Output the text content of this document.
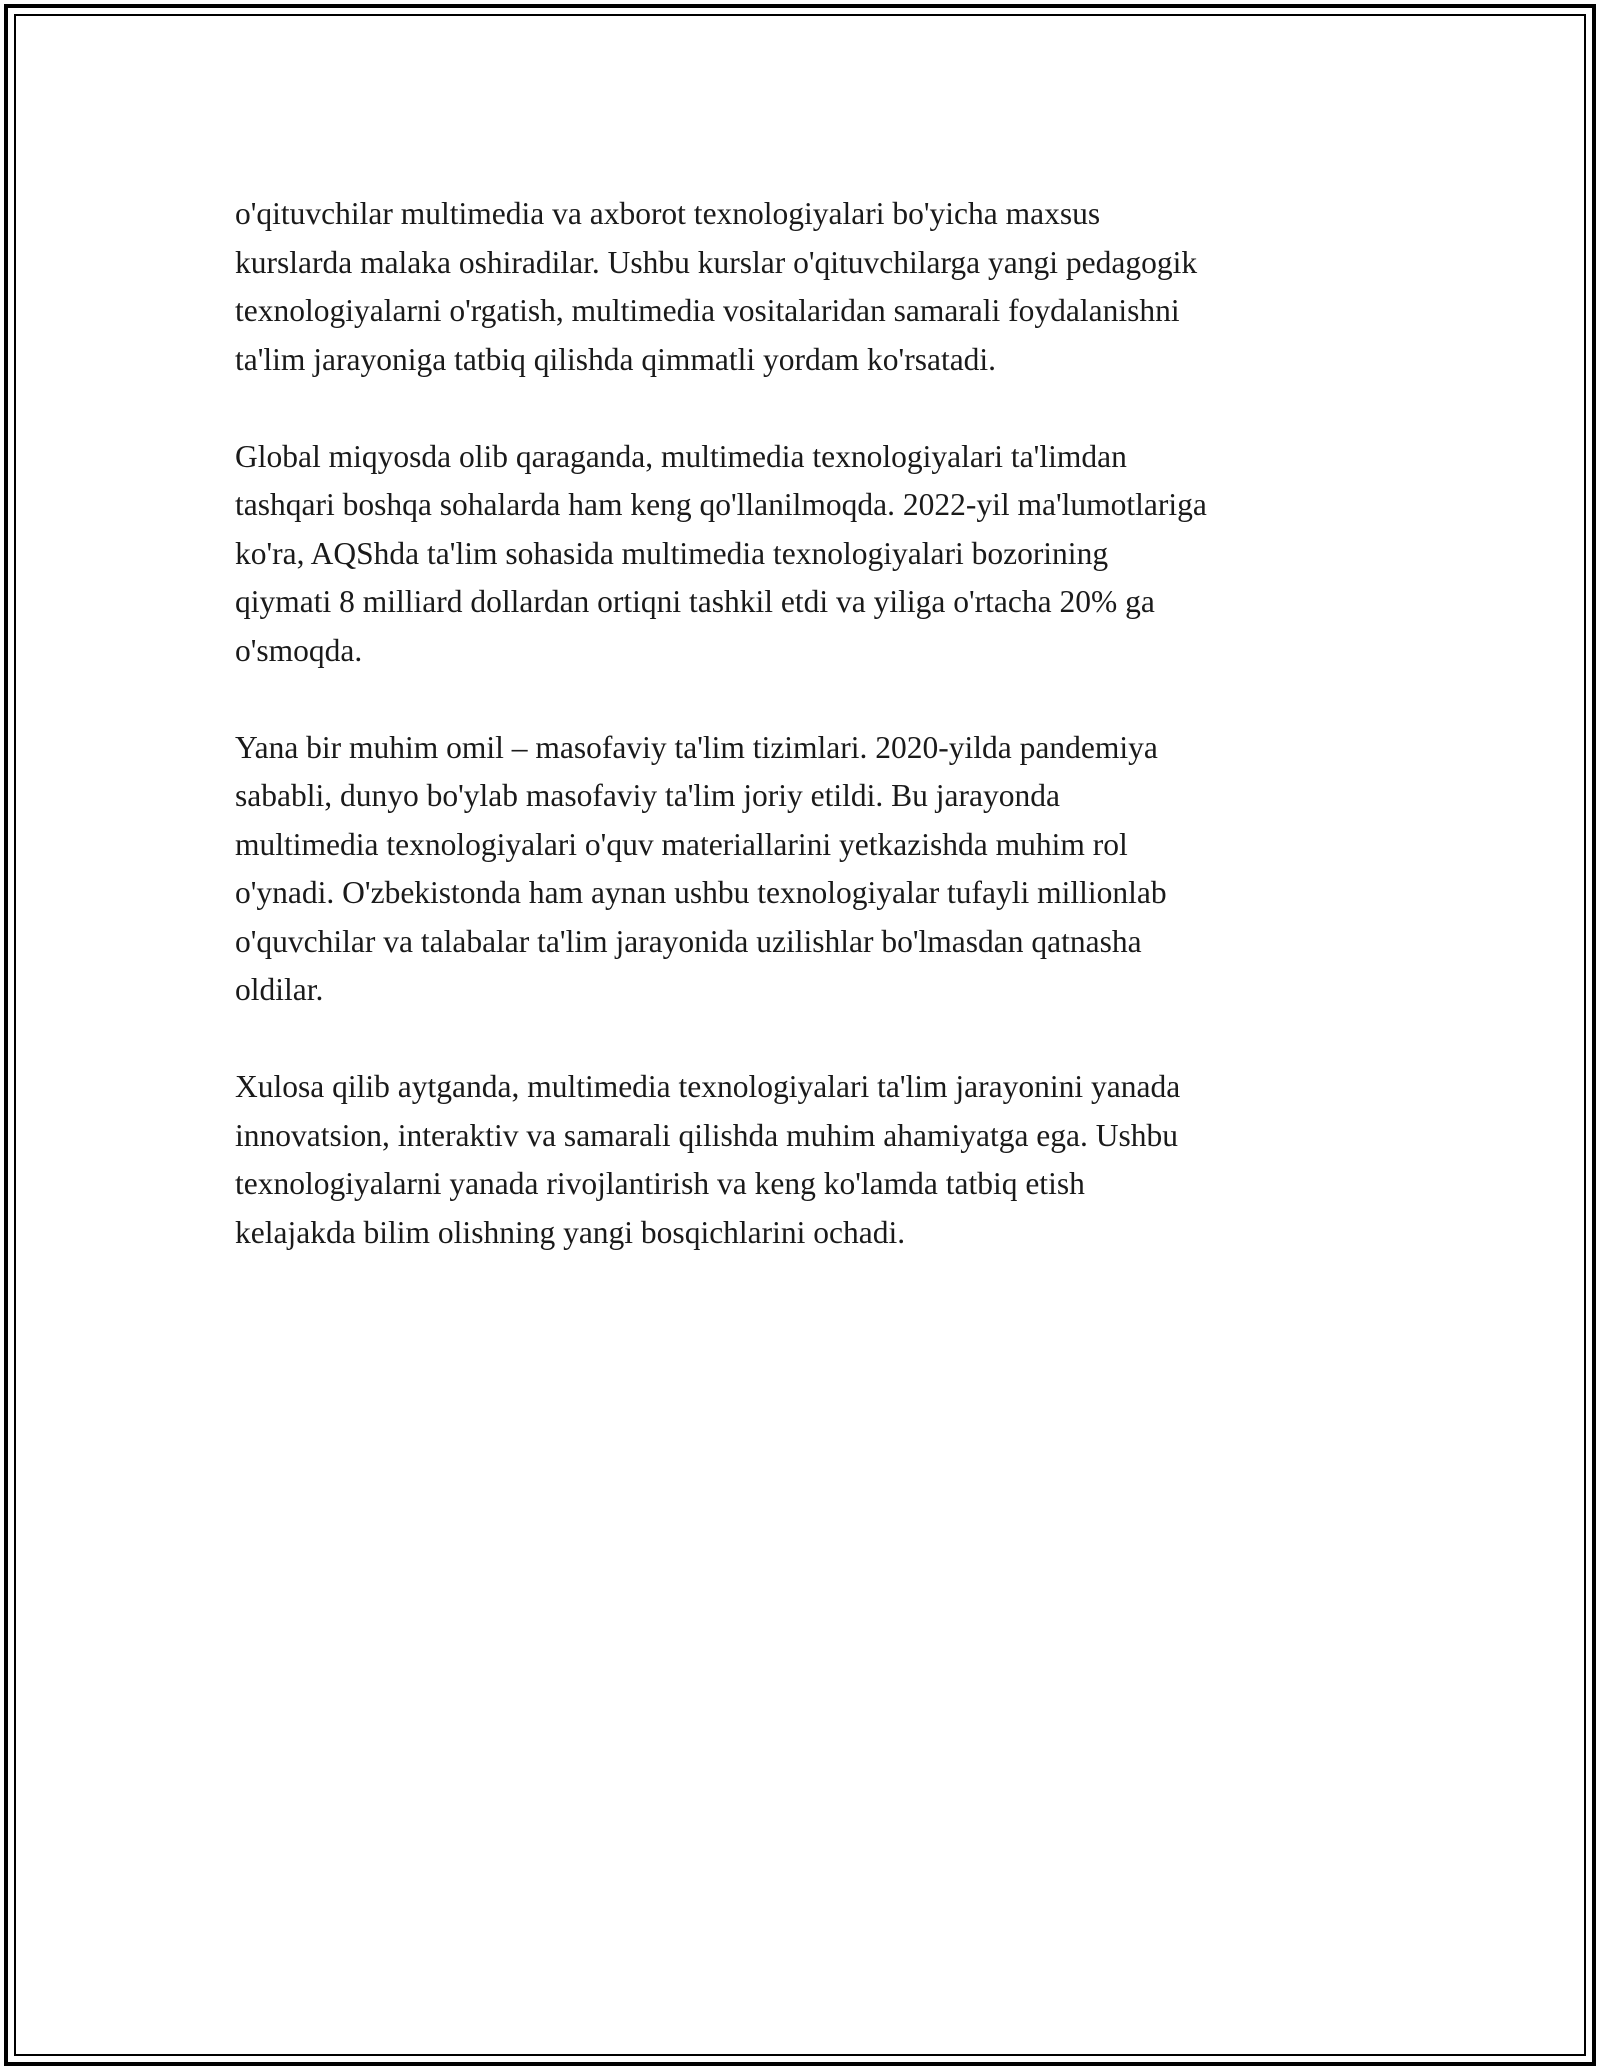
o'qituvchilar multimedia va axborot texnologiyalari bo'yicha maxsus
kurslarda malaka oshiradilar. Ushbu kurslar o'qituvchilarga yangi pedagogik
texnologiyalarni o'rgatish, multimedia vositalaridan samarali foydalanishni
ta'lim jarayoniga tatbiq qilishda qimmatli yordam ko'rsatadi.

Global miqyosda olib qaraganda, multimedia texnologiyalari ta'limdan
tashqari boshqa sohalarda ham keng qo'llanilmoqda. 2022-yil ma'lumotlariga
ko'ra, AQShda ta'lim sohasida multimedia texnologiyalari bozorining
qiymati 8 milliard dollardan ortiqni tashkil etdi va yiliga o'rtacha 20% ga
o'smoqda.

Yana bir muhim omil – masofaviy ta'lim tizimlari. 2020-yilda pandemiya
sababli, dunyo bo'ylab masofaviy ta'lim joriy etildi. Bu jarayonda
multimedia texnologiyalari o'quv materiallarini yetkazishda muhim rol
o'ynadi. O'zbekistonda ham aynan ushbu texnologiyalar tufayli millionlab
o'quvchilar va talabalar ta'lim jarayonida uzilishlar bo'lmasdan qatnasha
oldilar.

Xulosa qilib aytganda, multimedia texnologiyalari ta'lim jarayonini yanada
innovatsion, interaktiv va samarali qilishda muhim ahamiyatga ega. Ushbu
texnologiyalarni yanada rivojlantirish va keng ko'lamda tatbiq etish
kelajakda bilim olishning yangi bosqichlarini ochadi.
